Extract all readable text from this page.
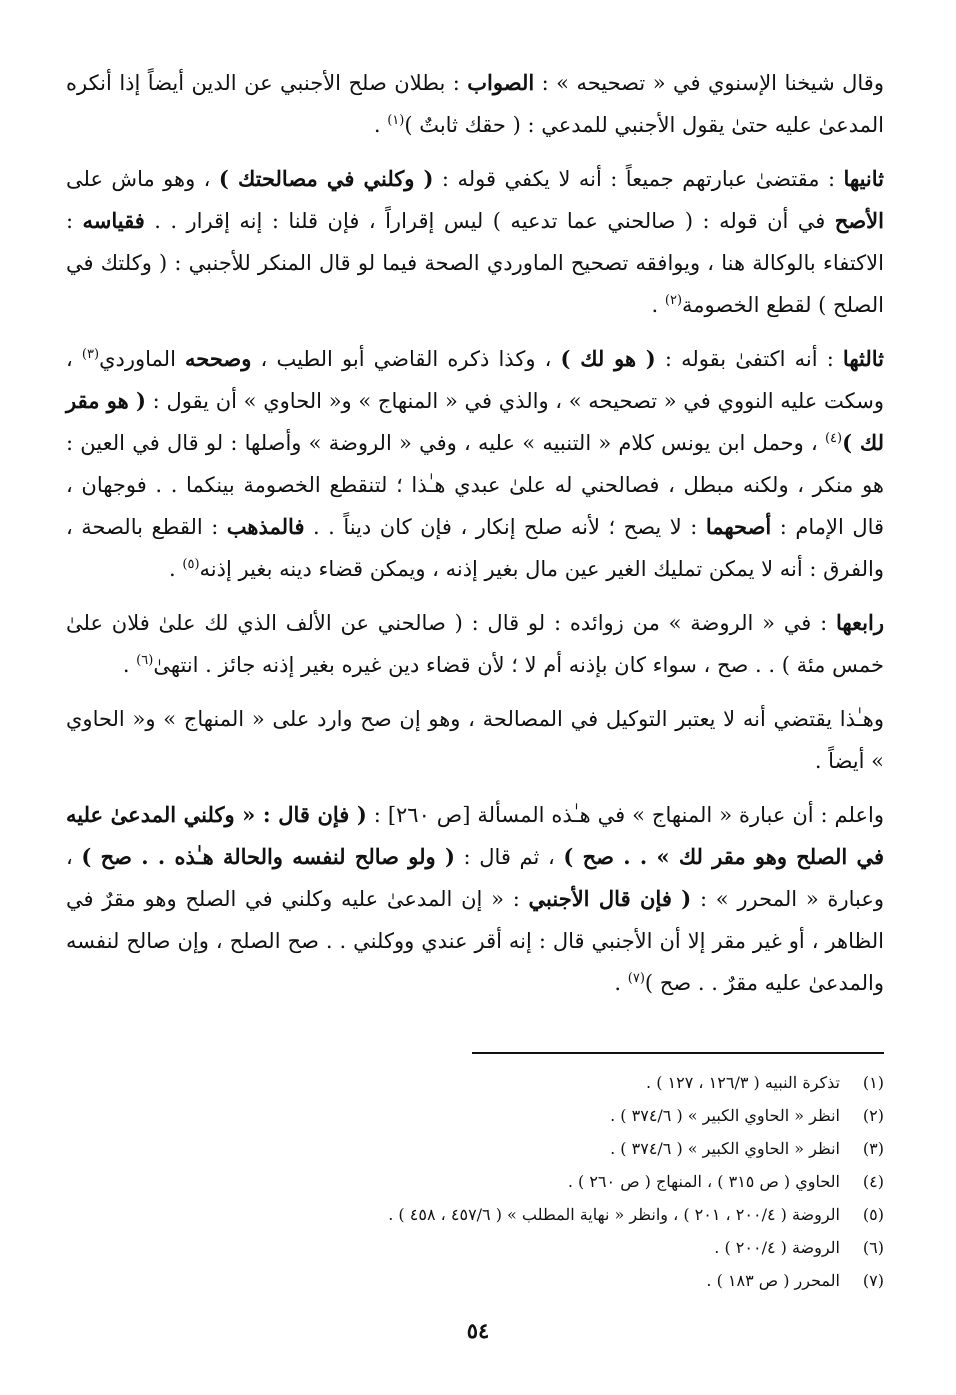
وقال شيخنا الإسنوي في « تصحيحه » : الصواب : بطلان صلح الأجنبي عن الدين أيضاً إذا أنكره المدعىٰ عليه حتىٰ يقول الأجنبي للمدعي : ( حقك ثابتٌ )$^{(١)}$ .

ثانيها : مقتضىٰ عبارتهم جميعاً : أنه لا يكفي قوله : ( وكلني في مصالحتك ) ، وهو ماش على الأصح في أن قوله : ( صالحني عما تدعيه ) ليس إقراراً ، فإن قلنا : إنه إقرار . . فقياسه : الاكتفاء بالوكالة هنا ، ويوافقه تصحيح الماوردي الصحة فيما لو قال المنكر للأجنبي : ( وكلتك في الصلح ) لقطع الخصومة$^{(٢)}$ .

ثالثها : أنه اكتفىٰ بقوله : ( هو لك ) ، وكذا ذكره القاضي أبو الطيب ، وصححه الماوردي$^{(٣)}$ ، وسكت عليه النووي في « تصحيحه » ، والذي في « المنهاج » و« الحاوي » أن يقول : ( هو مقر لك )$^{(٤)}$ ، وحمل ابن يونس كلام « التنبيه » عليه ، وفي « الروضة » وأصلها : لو قال في العين : هو منكر ، ولكنه مبطل ، فصالحني له علىٰ عبدي هـٰذا ؛ لتنقطع الخصومة بينكما . . فوجهان ، قال الإمام : أصحهما : لا يصح ؛ لأنه صلح إنكار ، فإن كان ديناً . . فالمذهب : القطع بالصحة ، والفرق : أنه لا يمكن تمليك الغير عين مال بغير إذنه ، ويمكن قضاء دينه بغير إذنه$^{(٥)}$ .

رابعها : في « الروضة » من زوائده : لو قال : ( صالحني عن الألف الذي لك علىٰ فلان علىٰ خمس مئة ) . . صح ، سواء كان بإذنه أم لا ؛ لأن قضاء دين غيره بغير إذنه جائز . انتهىٰ$^{(٦)}$ .

وهـٰذا يقتضي أنه لا يعتبر التوكيل في المصالحة ، وهو إن صح وارد على « المنهاج » و« الحاوي » أيضاً .

واعلم : أن عبارة « المنهاج » في هـٰذه المسألة [ص ٢٦٠] : ( فإن قال : « وكلني المدعىٰ عليه في الصلح وهو مقر لك » . . صح ) ، ثم قال : ( ولو صالح لنفسه والحالة هـٰذه . . صح ) ، وعبارة « المحرر » : ( فإن قال الأجنبي : « إن المدعىٰ عليه وكلني في الصلح وهو مقرٌ في الظاهر ، أو غير مقر إلا أن الأجنبي قال : إنه أقر عندي ووكلني . . صح الصلح ، وإن صالح لنفسه والمدعىٰ عليه مقرٌ . . صح )$^{(٧)}$ .

(١)
تذكرة النبيه ( ١٢٦/٣ ، ١٢٧ ) .
(٢)
انظر « الحاوي الكبير » ( ٣٧٤/٦ ) .
(٣)
انظر « الحاوي الكبير » ( ٣٧٤/٦ ) .
(٤)
الحاوي ( ص ٣١٥ ) ، المنهاج ( ص ٢٦٠ ) .
(٥)
الروضة ( ٢٠٠/٤ ، ٢٠١ ) ، وانظر « نهاية المطلب » ( ٤٥٧/٦ ، ٤٥٨ ) .
(٦)
الروضة ( ٢٠٠/٤ ) .
(٧)
المحرر ( ص ١٨٣ ) .
٥٤
